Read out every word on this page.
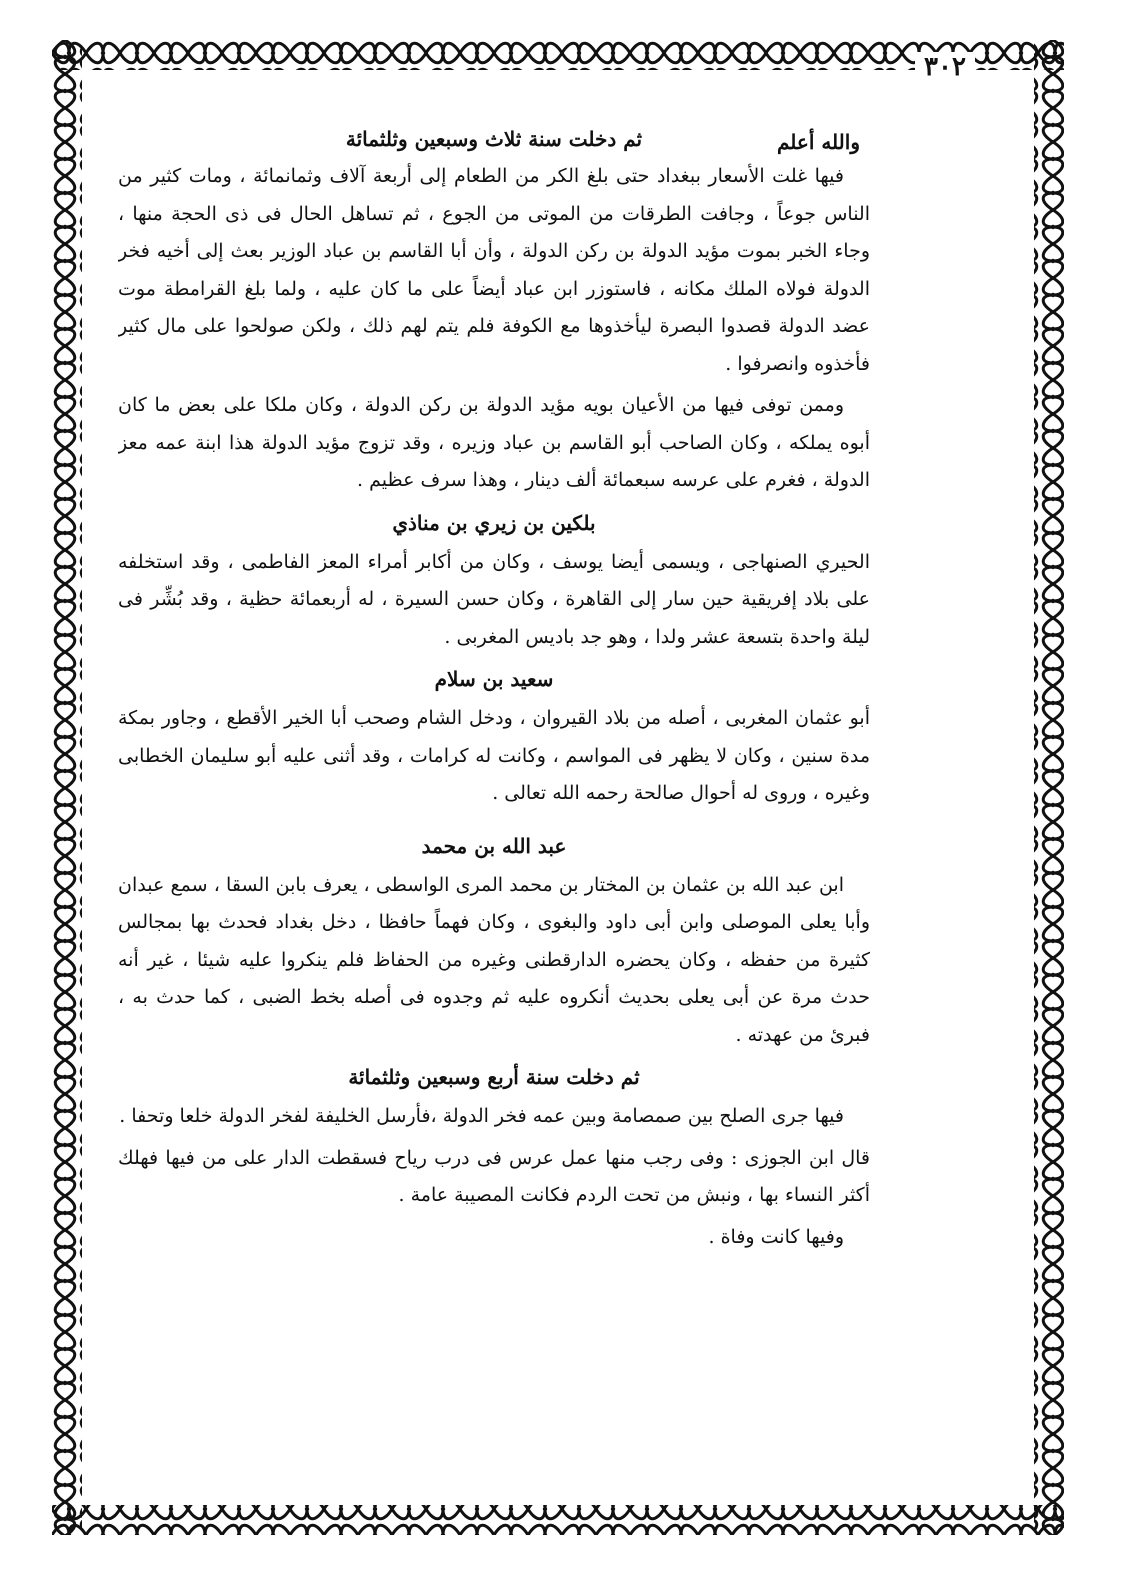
٣٠٢
ثم دخلت سنة ثلاث وسبعين وثلثمائة	والله أعلم

فيها غلت الأسعار ببغداد حتى بلغ الكر من الطعام إلى أربعة آلاف وثمانمائة ، ومات كثير من الناس جوعاً ، وجافت الطرقات من الموتى من الجوع ، ثم تساهل الحال فى ذى الحجة منها ، وجاء الخبر بموت مؤيد الدولة بن ركن الدولة ، وأن أبا القاسم بن عباد الوزير بعث إلى أخيه فخر الدولة فولاه الملك مكانه ، فاستوزر ابن عباد أيضاً على ما كان عليه ، ولما بلغ القرامطة موت عضد الدولة قصدوا البصرة ليأخذوها مع الكوفة فلم يتم لهم ذلك ، ولكن صولحوا على مال كثير فأخذوه وانصرفوا .

وممن توفى فيها من الأعيان بويه مؤيد الدولة بن ركن الدولة ، وكان ملكا على بعض ما كان أبوه يملكه ، وكان الصاحب أبو القاسم بن عباد وزيره ، وقد تزوج مؤيد الدولة هذا ابنة عمه معز الدولة ، فغرم على عرسه سبعمائة ألف دينار ، وهذا سرف عظيم .

بلكين بن زيري بن مناذي

الحيري الصنهاجى ، ويسمى أيضا يوسف ، وكان من أكابر أمراء المعز الفاطمى ، وقد استخلفه على بلاد إفريقية حين سار إلى القاهرة ، وكان حسن السيرة ، له أربعمائة حظية ، وقد بُشِّر فى ليلة واحدة بتسعة عشر ولدا ، وهو جد باديس المغربى .

سعيد بن سلام

أبو عثمان المغربى ، أصله من بلاد القيروان ، ودخل الشام وصحب أبا الخير الأقطع ، وجاور بمكة مدة سنين ، وكان لا يظهر فى المواسم ، وكانت له كرامات ، وقد أثنى عليه أبو سليمان الخطابى وغيره ، وروى له أحوال صالحة رحمه الله تعالى .

عبد الله بن محمد

ابن عبد الله بن عثمان بن المختار بن محمد المرى الواسطى ، يعرف بابن السقا ، سمع عبدان وأبا يعلى الموصلى وابن أبى داود والبغوى ، وكان فهماً حافظا ، دخل بغداد فحدث بها بمجالس كثيرة من حفظه ، وكان يحضره الدارقطنى وغيره من الحفاظ فلم ينكروا عليه شيئا ، غير أنه حدث مرة عن أبى يعلى بحديث أنكروه عليه ثم وجدوه فى أصله بخط الضبى ، كما حدث به ، فبرئ من عهدته .

ثم دخلت سنة أربع وسبعين وثلثمائة

فيها جرى الصلح بين صمصامة وبين عمه فخر الدولة ،فأرسل الخليفة لفخر الدولة خلعا وتحفا .

قال ابن الجوزى : وفى رجب منها عمل عرس فى درب رياح فسقطت الدار على من فيها فهلك أكثر النساء بها ، ونبش من تحت الردم فكانت المصيبة عامة .

وفيها كانت وفاة .
